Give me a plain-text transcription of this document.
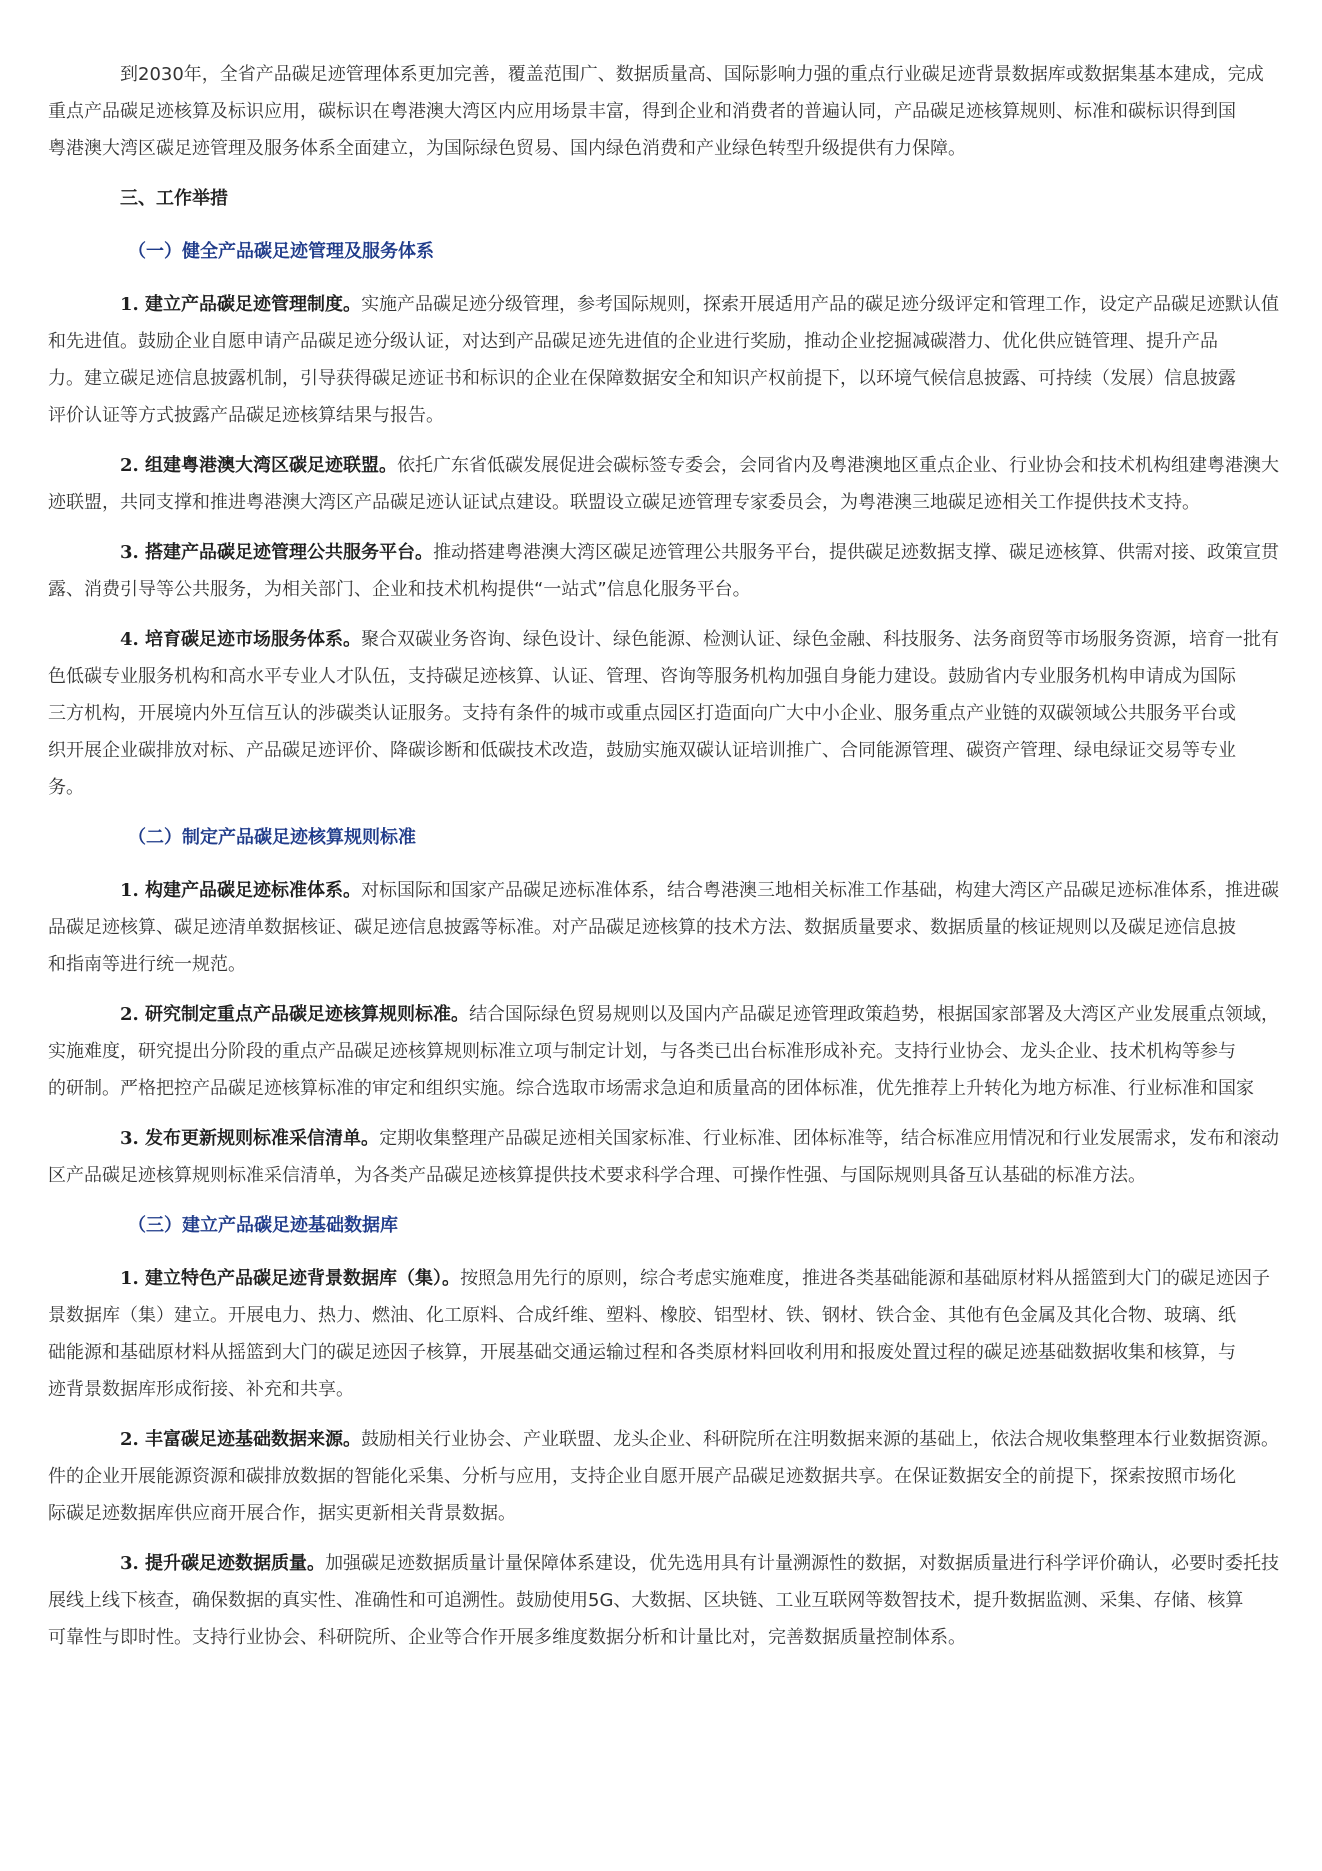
到2030年，全省产品碳足迹管理体系更加完善，覆盖范围广、数据质量高、国际影响力强的重点行业碳足迹背景数据库或数据集基本建成，完成
重点产品碳足迹核算及标识应用，碳标识在粤港澳大湾区内应用场景丰富，得到企业和消费者的普遍认同，产品碳足迹核算规则、标准和碳标识得到国
粤港澳大湾区碳足迹管理及服务体系全面建立，为国际绿色贸易、国内绿色消费和产业绿色转型升级提供有力保障。

三、工作举措
（一）健全产品碳足迹管理及服务体系

1. 建立产品碳足迹管理制度。实施产品碳足迹分级管理，参考国际规则，探索开展适用产品的碳足迹分级评定和管理工作，设定产品碳足迹默认值
和先进值。鼓励企业自愿申请产品碳足迹分级认证，对达到产品碳足迹先进值的企业进行奖励，推动企业挖掘减碳潜力、优化供应链管理、提升产品
力。建立碳足迹信息披露机制，引导获得碳足迹证书和标识的企业在保障数据安全和知识产权前提下，以环境气候信息披露、可持续（发展）信息披露
评价认证等方式披露产品碳足迹核算结果与报告。

2. 组建粤港澳大湾区碳足迹联盟。依托广东省低碳发展促进会碳标签专委会，会同省内及粤港澳地区重点企业、行业协会和技术机构组建粤港澳大
迹联盟，共同支撑和推进粤港澳大湾区产品碳足迹认证试点建设。联盟设立碳足迹管理专家委员会，为粤港澳三地碳足迹相关工作提供技术支持。

3. 搭建产品碳足迹管理公共服务平台。推动搭建粤港澳大湾区碳足迹管理公共服务平台，提供碳足迹数据支撑、碳足迹核算、供需对接、政策宣贯
露、消费引导等公共服务，为相关部门、企业和技术机构提供“一站式”信息化服务平台。

4. 培育碳足迹市场服务体系。聚合双碳业务咨询、绿色设计、绿色能源、检测认证、绿色金融、科技服务、法务商贸等市场服务资源，培育一批有
色低碳专业服务机构和高水平专业人才队伍，支持碳足迹核算、认证、管理、咨询等服务机构加强自身能力建设。鼓励省内专业服务机构申请成为国际
三方机构，开展境内外互信互认的涉碳类认证服务。支持有条件的城市或重点园区打造面向广大中小企业、服务重点产业链的双碳领域公共服务平台或
织开展企业碳排放对标、产品碳足迹评价、降碳诊断和低碳技术改造，鼓励实施双碳认证培训推广、合同能源管理、碳资产管理、绿电绿证交易等专业
务。

（二）制定产品碳足迹核算规则标准

1. 构建产品碳足迹标准体系。对标国际和国家产品碳足迹标准体系，结合粤港澳三地相关标准工作基础，构建大湾区产品碳足迹标准体系，推进碳
品碳足迹核算、碳足迹清单数据核证、碳足迹信息披露等标准。对产品碳足迹核算的技术方法、数据质量要求、数据质量的核证规则以及碳足迹信息披
和指南等进行统一规范。

2. 研究制定重点产品碳足迹核算规则标准。结合国际绿色贸易规则以及国内产品碳足迹管理政策趋势，根据国家部署及大湾区产业发展重点领域，
实施难度，研究提出分阶段的重点产品碳足迹核算规则标准立项与制定计划，与各类已出台标准形成补充。支持行业协会、龙头企业、技术机构等参与
的研制。严格把控产品碳足迹核算标准的审定和组织实施。综合选取市场需求急迫和质量高的团体标准，优先推荐上升转化为地方标准、行业标准和国家

3. 发布更新规则标准采信清单。定期收集整理产品碳足迹相关国家标准、行业标准、团体标准等，结合标准应用情况和行业发展需求，发布和滚动
区产品碳足迹核算规则标准采信清单，为各类产品碳足迹核算提供技术要求科学合理、可操作性强、与国际规则具备互认基础的标准方法。

（三）建立产品碳足迹基础数据库

1. 建立特色产品碳足迹背景数据库（集）。按照急用先行的原则，综合考虑实施难度，推进各类基础能源和基础原材料从摇篮到大门的碳足迹因子
景数据库（集）建立。开展电力、热力、燃油、化工原料、合成纤维、塑料、橡胶、铝型材、铁、钢材、铁合金、其他有色金属及其化合物、玻璃、纸
础能源和基础原材料从摇篮到大门的碳足迹因子核算，开展基础交通运输过程和各类原材料回收利用和报废处置过程的碳足迹基础数据收集和核算，与
迹背景数据库形成衔接、补充和共享。

2. 丰富碳足迹基础数据来源。鼓励相关行业协会、产业联盟、龙头企业、科研院所在注明数据来源的基础上，依法合规收集整理本行业数据资源。
件的企业开展能源资源和碳排放数据的智能化采集、分析与应用，支持企业自愿开展产品碳足迹数据共享。在保证数据安全的前提下，探索按照市场化
际碳足迹数据库供应商开展合作，据实更新相关背景数据。

3. 提升碳足迹数据质量。加强碳足迹数据质量计量保障体系建设，优先选用具有计量溯源性的数据，对数据质量进行科学评价确认，必要时委托技
展线上线下核查，确保数据的真实性、准确性和可追溯性。鼓励使用5G、大数据、区块链、工业互联网等数智技术，提升数据监测、采集、存储、核算
可靠性与即时性。支持行业协会、科研院所、企业等合作开展多维度数据分析和计量比对，完善数据质量控制体系。
